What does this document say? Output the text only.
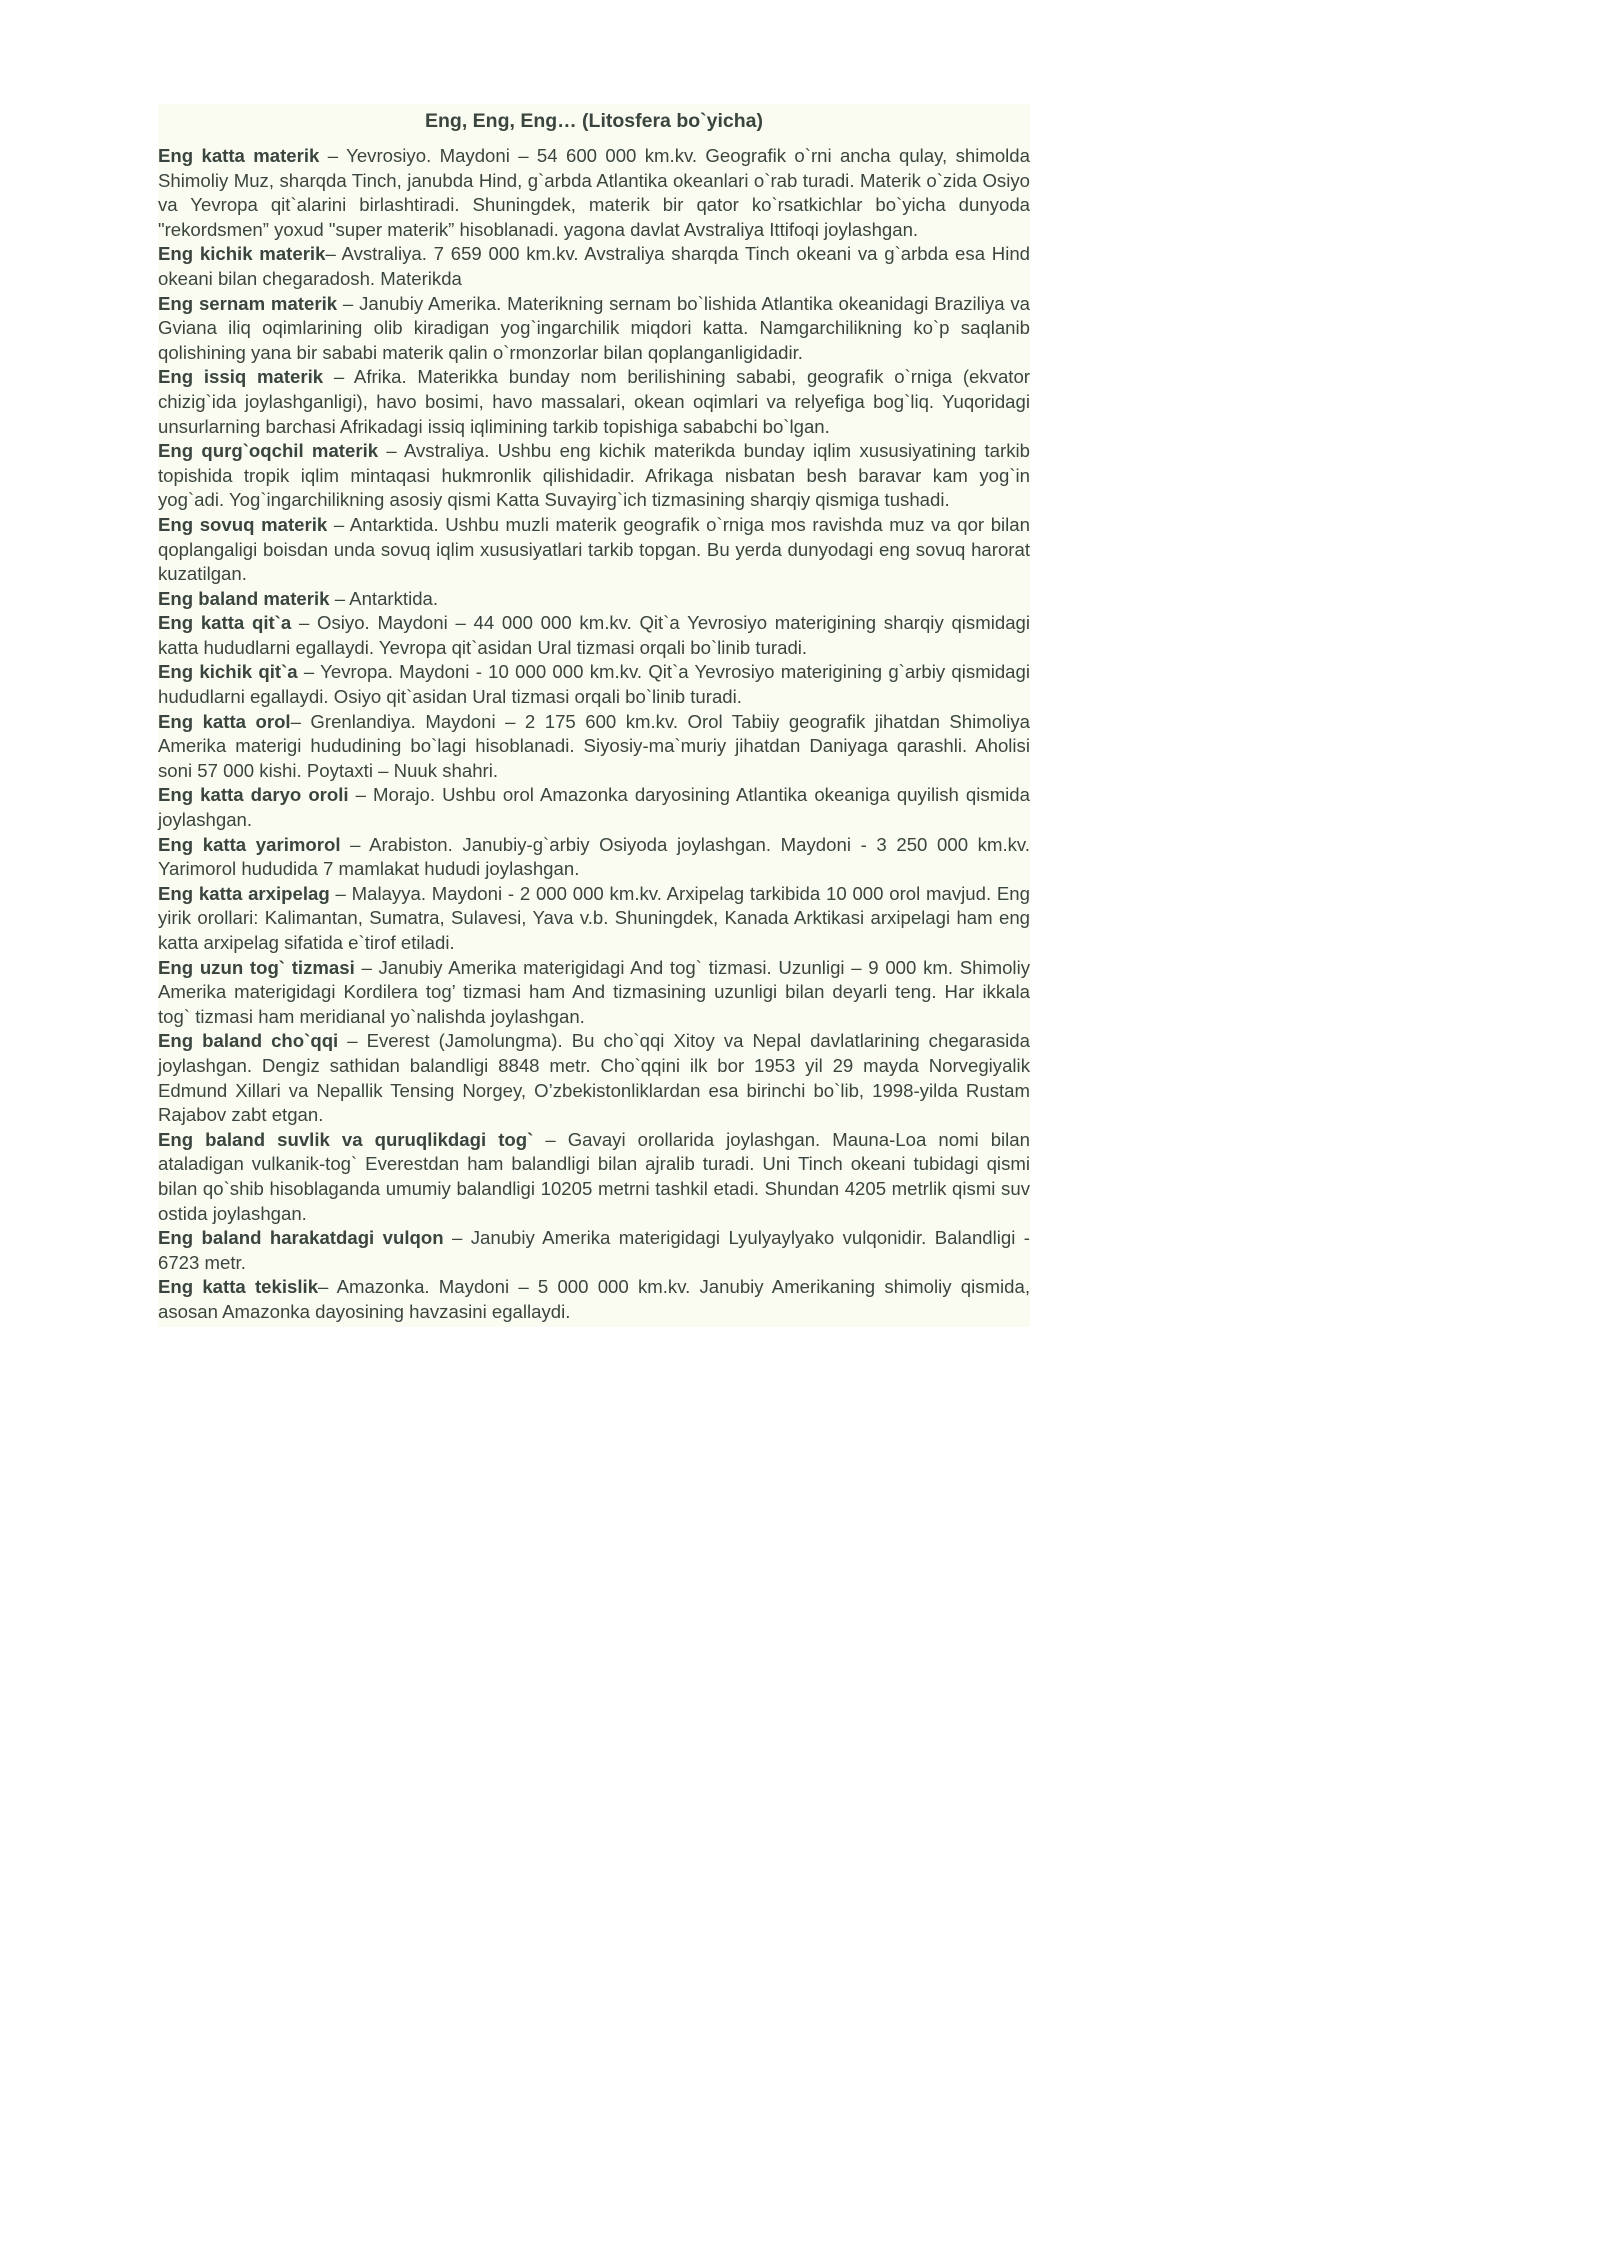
Eng, Eng, Eng… (Litosfera bo`yicha)

Eng katta materik – Yevrosiyo. Maydoni – 54 600 000 km.kv. Geografik o`rni ancha qulay, shimolda Shimoliy Muz, sharqda Tinch, janubda Hind, g`arbda Atlantika okeanlari o`rab turadi. Materik o`zida Osiyo va Yevropa qit`alarini birlashtiradi. Shuningdek, materik bir qator ko`rsatkichlar bo`yicha dunyoda "rekordsmen” yoxud "super materik” hisoblanadi. yagona davlat Avstraliya Ittifoqi joylashgan.

Eng kichik materik– Avstraliya. 7 659 000 km.kv. Avstraliya sharqda Tinch okeani va g`arbda esa Hind okeani bilan chegaradosh. Materikda

Eng sernam materik – Janubiy Amerika. Materikning sernam bo`lishida Atlantika okeanidagi Braziliya va Gviana iliq oqimlarining olib kiradigan yog`ingarchilik miqdori katta. Namgarchilikning ko`p saqlanib qolishining yana bir sababi materik qalin o`rmonzorlar bilan qoplanganligidadir.

Eng issiq materik – Afrika. Materikka bunday nom berilishining sababi, geografik o`rniga (ekvator chizig`ida joylashganligi), havo bosimi, havo massalari, okean oqimlari va relyefiga bog`liq. Yuqoridagi unsurlarning barchasi Afrikadagi issiq iqlimining tarkib topishiga sababchi bo`lgan.

Eng qurg`oqchil materik – Avstraliya. Ushbu eng kichik materikda bunday iqlim xususiyatining tarkib topishida tropik iqlim mintaqasi hukmronlik qilishidadir. Afrikaga nisbatan besh baravar kam yog`in yog`adi. Yog`ingarchilikning asosiy qismi Katta Suvayirg`ich tizmasining sharqiy qismiga tushadi.

Eng sovuq materik – Antarktida. Ushbu muzli materik geografik o`rniga mos ravishda muz va qor bilan qoplangaligi boisdan unda sovuq iqlim xususiyatlari tarkib topgan. Bu yerda dunyodagi eng sovuq harorat kuzatilgan.

Eng baland materik – Antarktida.

Eng katta qit`a – Osiyo. Maydoni – 44 000 000 km.kv. Qit`a Yevrosiyo materigining sharqiy qismidagi katta hududlarni egallaydi. Yevropa qit`asidan Ural tizmasi orqali bo`linib turadi.

Eng kichik qit`a – Yevropa. Maydoni - 10 000 000 km.kv. Qit`a Yevrosiyo materigining g`arbiy qismidagi hududlarni egallaydi. Osiyo qit`asidan Ural tizmasi orqali bo`linib turadi.

Eng katta orol– Grenlandiya. Maydoni – 2 175 600 km.kv. Orol Tabiiy geografik jihatdan Shimoliya Amerika materigi hududining bo`lagi hisoblanadi. Siyosiy-ma`muriy jihatdan Daniyaga qarashli. Aholisi soni 57 000 kishi. Poytaxti – Nuuk shahri.

Eng katta daryo oroli – Morajo. Ushbu orol Amazonka daryosining Atlantika okeaniga quyilish qismida joylashgan.

Eng katta yarimorol – Arabiston. Janubiy-g`arbiy Osiyoda joylashgan. Maydoni - 3 250 000 km.kv. Yarimorol hududida 7 mamlakat hududi joylashgan.

Eng katta arxipelag – Malayya. Maydoni - 2 000 000 km.kv. Arxipelag tarkibida 10 000 orol mavjud. Eng yirik orollari: Kalimantan, Sumatra, Sulavesi, Yava v.b. Shuningdek, Kanada Arktikasi arxipelagi ham eng katta arxipelag sifatida e`tirof etiladi.

Eng uzun tog` tizmasi – Janubiy Amerika materigidagi And tog` tizmasi. Uzunligi – 9 000 km. Shimoliy Amerika materigidagi Kordilera tog’ tizmasi ham And tizmasining uzunligi bilan deyarli teng. Har ikkala tog` tizmasi ham meridianal yo`nalishda joylashgan.

Eng baland cho`qqi – Everest (Jamolungma). Bu cho`qqi Xitoy va Nepal davlatlarining chegarasida joylashgan. Dengiz sathidan balandligi 8848 metr. Cho`qqini ilk bor 1953 yil 29 mayda Norvegiyalik Edmund Xillari va Nepallik Tensing Norgey, O’zbekistonliklardan esa birinchi bo`lib, 1998-yilda Rustam Rajabov zabt etgan.

Eng baland suvlik va quruqlikdagi tog` – Gavayi orollarida joylashgan. Mauna-Loa nomi bilan ataladigan vulkanik-tog` Everestdan ham balandligi bilan ajralib turadi. Uni Tinch okeani tubidagi qismi bilan qo`shib hisoblaganda umumiy balandligi 10205 metrni tashkil etadi. Shundan 4205 metrlik qismi suv ostida joylashgan.

Eng baland harakatdagi vulqon – Janubiy Amerika materigidagi Lyulyaylyako vulqonidir. Balandligi - 6723 metr.

Eng katta tekislik– Amazonka. Maydoni – 5 000 000 km.kv. Janubiy Amerikaning shimoliy qismida, asosan Amazonka dayosining havzasini egallaydi.
